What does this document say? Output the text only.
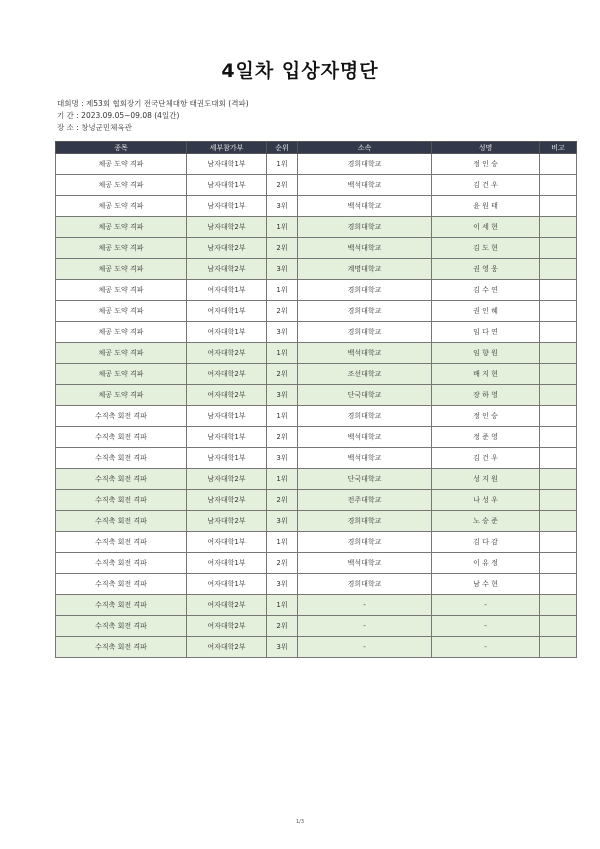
4일차 입상자명단
대회명 : 제53회 협회장기 전국단체대항 태권도대회 (격파)
기 간 : 2023.09.05~09.08 (4일간)
장 소 : 창녕군민체육관
종목	세부참가부	순위	소속	성명	비고
체공 도약 격파	남자대학1부	1위	경희대학교	정 인 승	
체공 도약 격파	남자대학1부	2위	백석대학교	김 건 우	
체공 도약 격파	남자대학1부	3위	백석대학교	윤 원 태	
체공 도약 격파	남자대학2부	1위	경희대학교	이 세 현	
체공 도약 격파	남자대학2부	2위	백석대학교	김 도 현	
체공 도약 격파	남자대학2부	3위	계명대학교	권 영 웅	
체공 도약 격파	여자대학1부	1위	경희대학교	김 수 연	
체공 도약 격파	여자대학1부	2위	경희대학교	권 인 혜	
체공 도약 격파	여자대학1부	3위	경희대학교	임 다 연	
체공 도약 격파	여자대학2부	1위	백석대학교	임 향 원	
체공 도약 격파	여자대학2부	2위	조선대학교	배 지 현	
체공 도약 격파	여자대학2부	3위	단국대학교	장 하 영	
수직축 회전 격파	남자대학1부	1위	경희대학교	정 인 승	
수직축 회전 격파	남자대학1부	2위	백석대학교	정 준 영	
수직축 회전 격파	남자대학1부	3위	백석대학교	김 건 우	
수직축 회전 격파	남자대학2부	1위	단국대학교	성 지 원	
수직축 회전 격파	남자대학2부	2위	전주대학교	나 성 우	
수직축 회전 격파	남자대학2부	3위	경희대학교	노 승 준	
수직축 회전 격파	여자대학1부	1위	경희대학교	김 다 감	
수직축 회전 격파	여자대학1부	2위	백석대학교	이 유 정	
수직축 회전 격파	여자대학1부	3위	경희대학교	남 수 현	
수직축 회전 격파	여자대학2부	1위	-	-	
수직축 회전 격파	여자대학2부	2위	-	-	
수직축 회전 격파	여자대학2부	3위	-	-	
1/3
